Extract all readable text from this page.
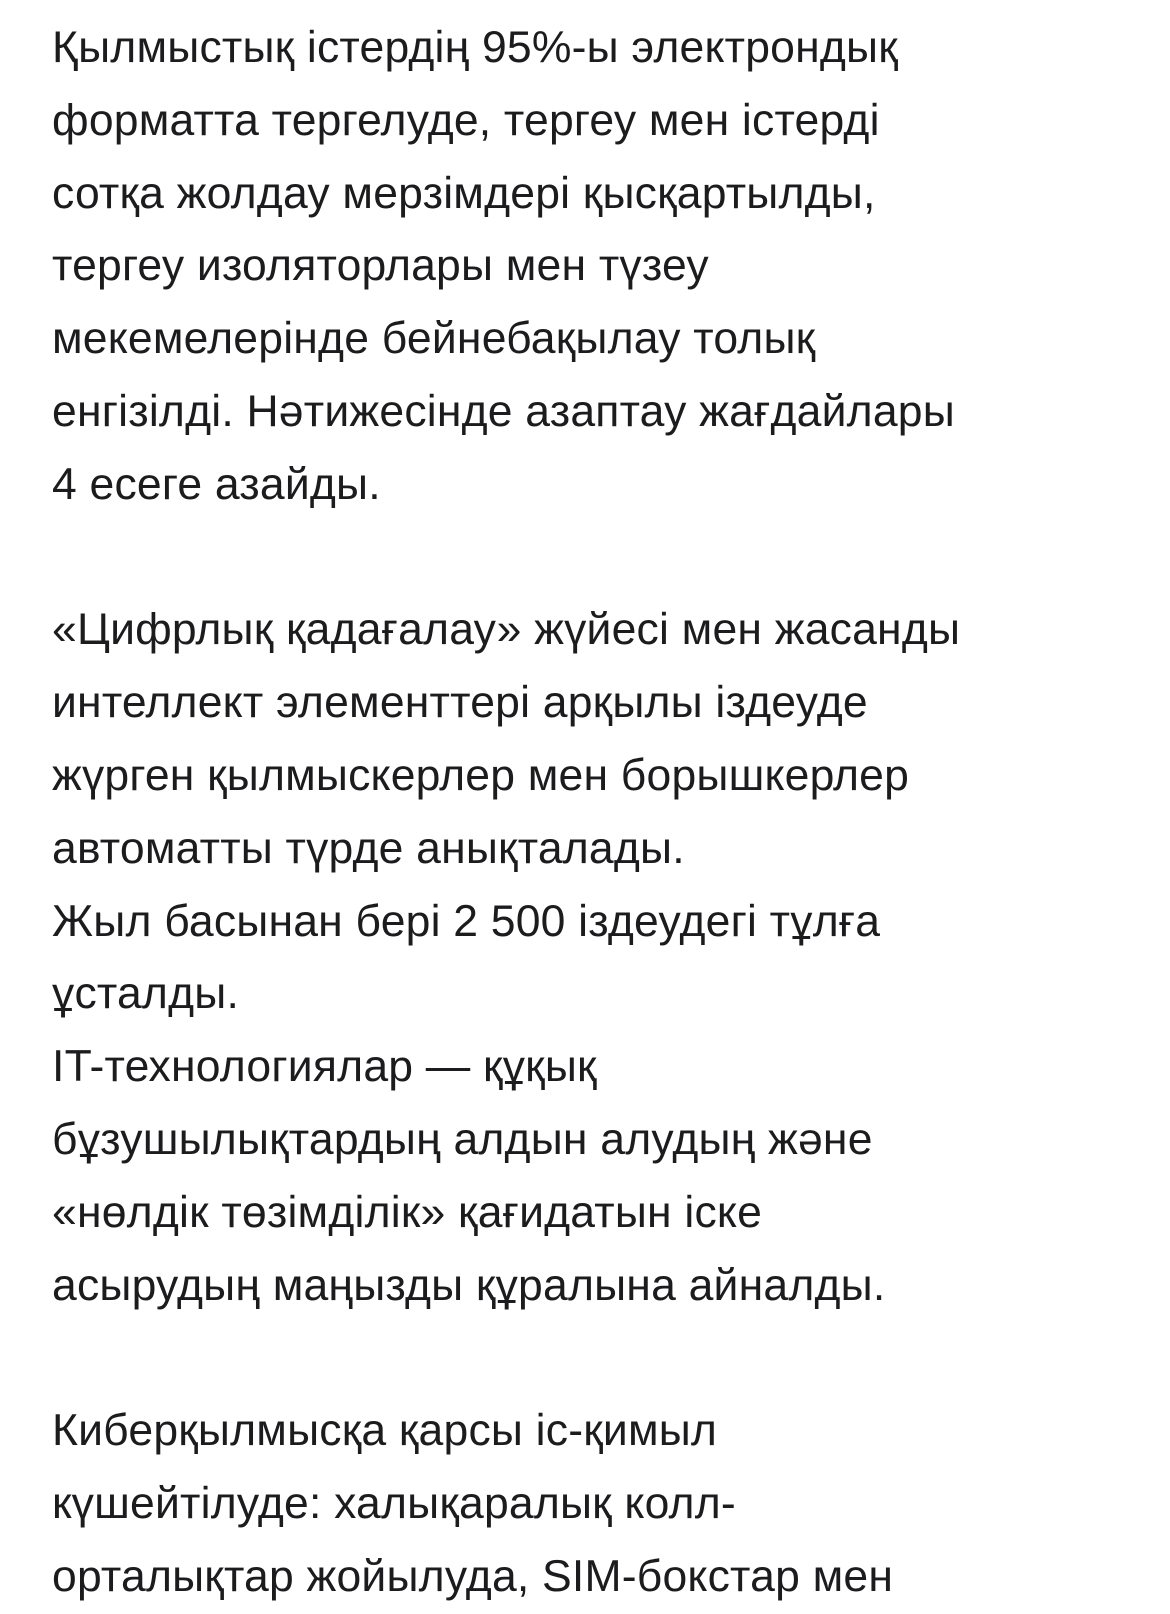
Қылмыстық істердің 95%-ы электрондық
форматта тергелуде, тергеу мен істерді
сотқа жолдау мерзімдері қысқартылды,
тергеу изоляторлары мен түзеу
мекемелерінде бейнебақылау толық
енгізілді. Нәтижесінде азаптау жағдайлары
4 есеге азайды.
«Цифрлық қадағалау» жүйесі мен жасанды
интеллект элементтері арқылы іздеуде
жүрген қылмыскерлер мен борышкерлер
автоматты түрде анықталады.
Жыл басынан бері 2 500 іздеудегі тұлға
ұсталды.
IT-технологиялар — құқық
бұзушылықтардың алдын алудың және
«нөлдік төзімділік» қағидатын іске
асырудың маңызды құралына айналды.
Киберқылмысқа қарсы іс-қимыл
күшейтілуде: халықаралық колл-
орталықтар жойылуда, SIM-бокстар мен
